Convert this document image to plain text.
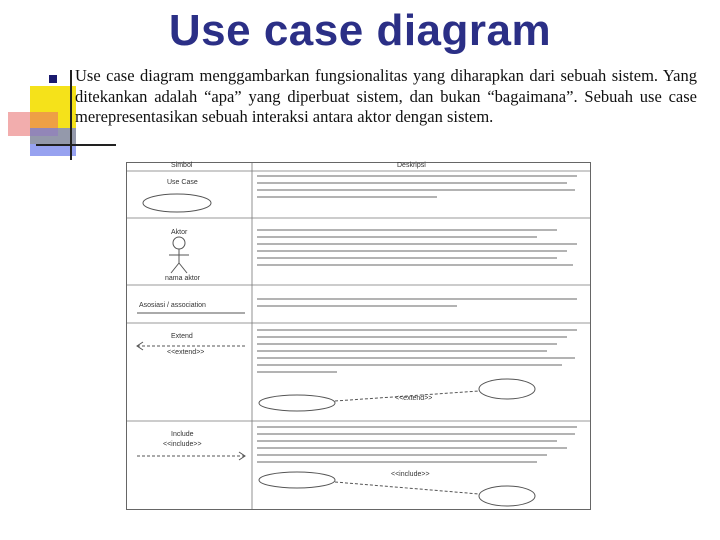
Use case diagram
Use case diagram menggambarkan fungsionalitas yang diharapkan dari sebuah sistem. Yang ditekankan adalah “apa” yang diperbuat sistem, dan bukan “bagaimana”. Sebuah use case merepresentasikan sebuah interaksi antara aktor dengan sistem.
Simbol	Deskripsi
Use Case
Aktor
nama aktor
Asosiasi / association
Extend
<<extend>>
<<extend>>
Include
<<include>>
<<include>>
